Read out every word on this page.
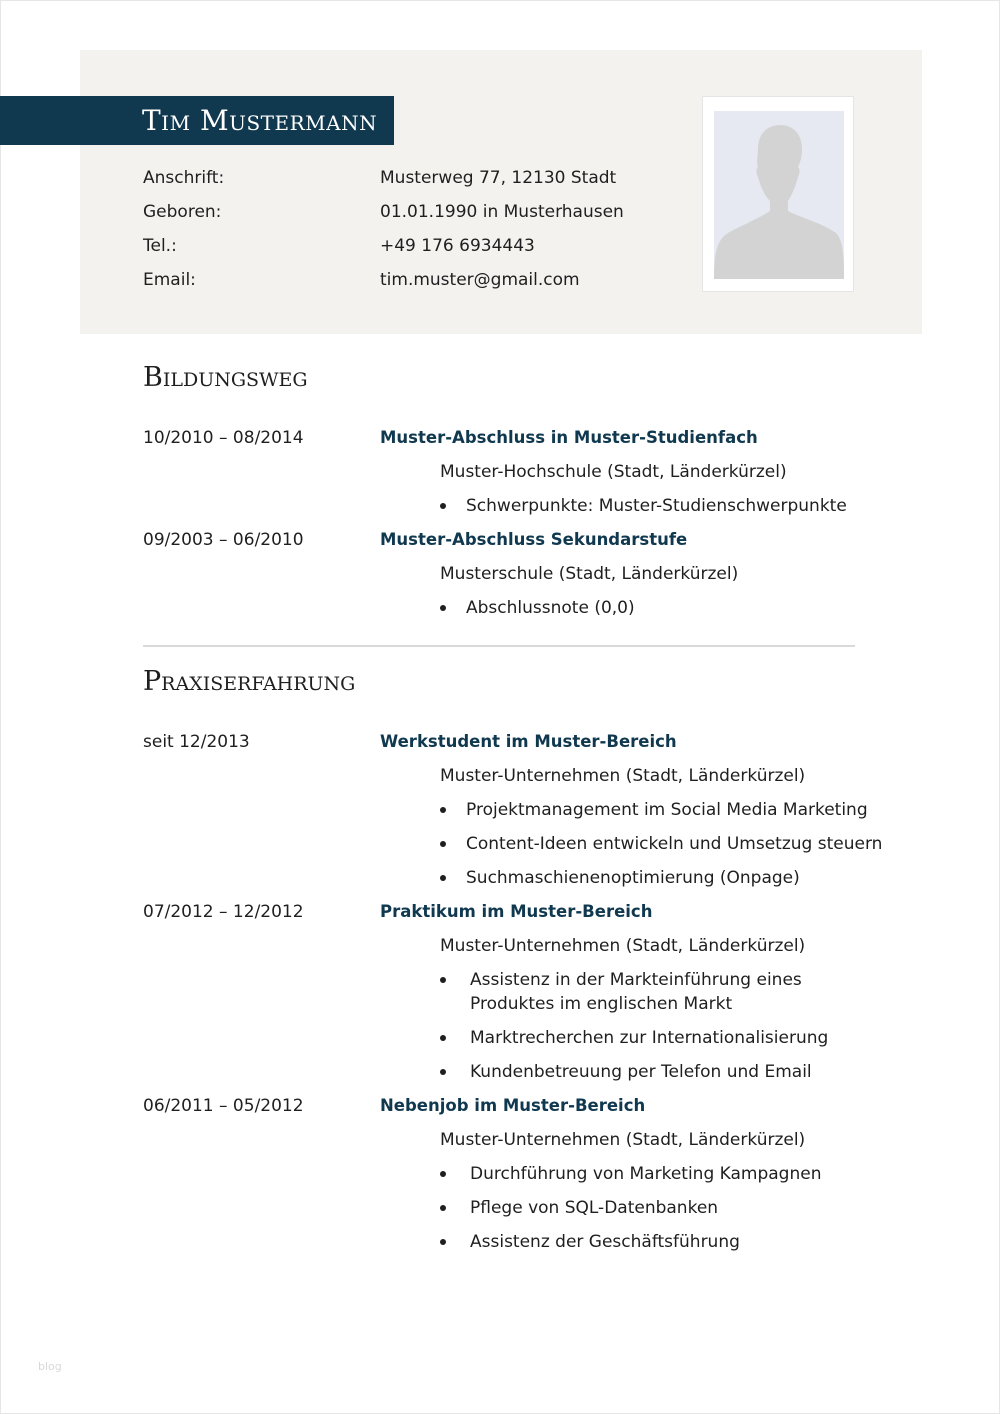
Tim Mustermann
Anschrift:	Musterweg 77, 12130 Stadt
Geboren:	01.01.1990 in Musterhausen
Tel.:	+49 176 6934443
Email:	tim.muster@gmail.com
Bildungsweg
10/2010 – 08/2014	Muster-Abschluss in Muster-Studienfach
Muster-Hochschule (Stadt, Länderkürzel)
Schwerpunkte: Muster-Studienschwerpunkte
09/2003 – 06/2010	Muster-Abschluss Sekundarstufe
Musterschule (Stadt, Länderkürzel)
Abschlussnote (0,0)
Praxiserfahrung
seit 12/2013	Werkstudent im Muster-Bereich
Muster-Unternehmen (Stadt, Länderkürzel)
Projektmanagement im Social Media Marketing
Content-Ideen entwickeln und Umsetzug steuern
Suchmaschienenoptimierung (Onpage)
07/2012 – 12/2012	Praktikum im Muster-Bereich
Muster-Unternehmen (Stadt, Länderkürzel)
Assistenz in der Markteinführung eines
Produktes im englischen Markt
Marktrecherchen zur Internationalisierung
Kundenbetreuung per Telefon und Email
06/2011 – 05/2012	Nebenjob im Muster-Bereich
Muster-Unternehmen (Stadt, Länderkürzel)
Durchführung von Marketing Kampagnen
Pflege von SQL-Datenbanken
Assistenz der Geschäftsführung
blog
